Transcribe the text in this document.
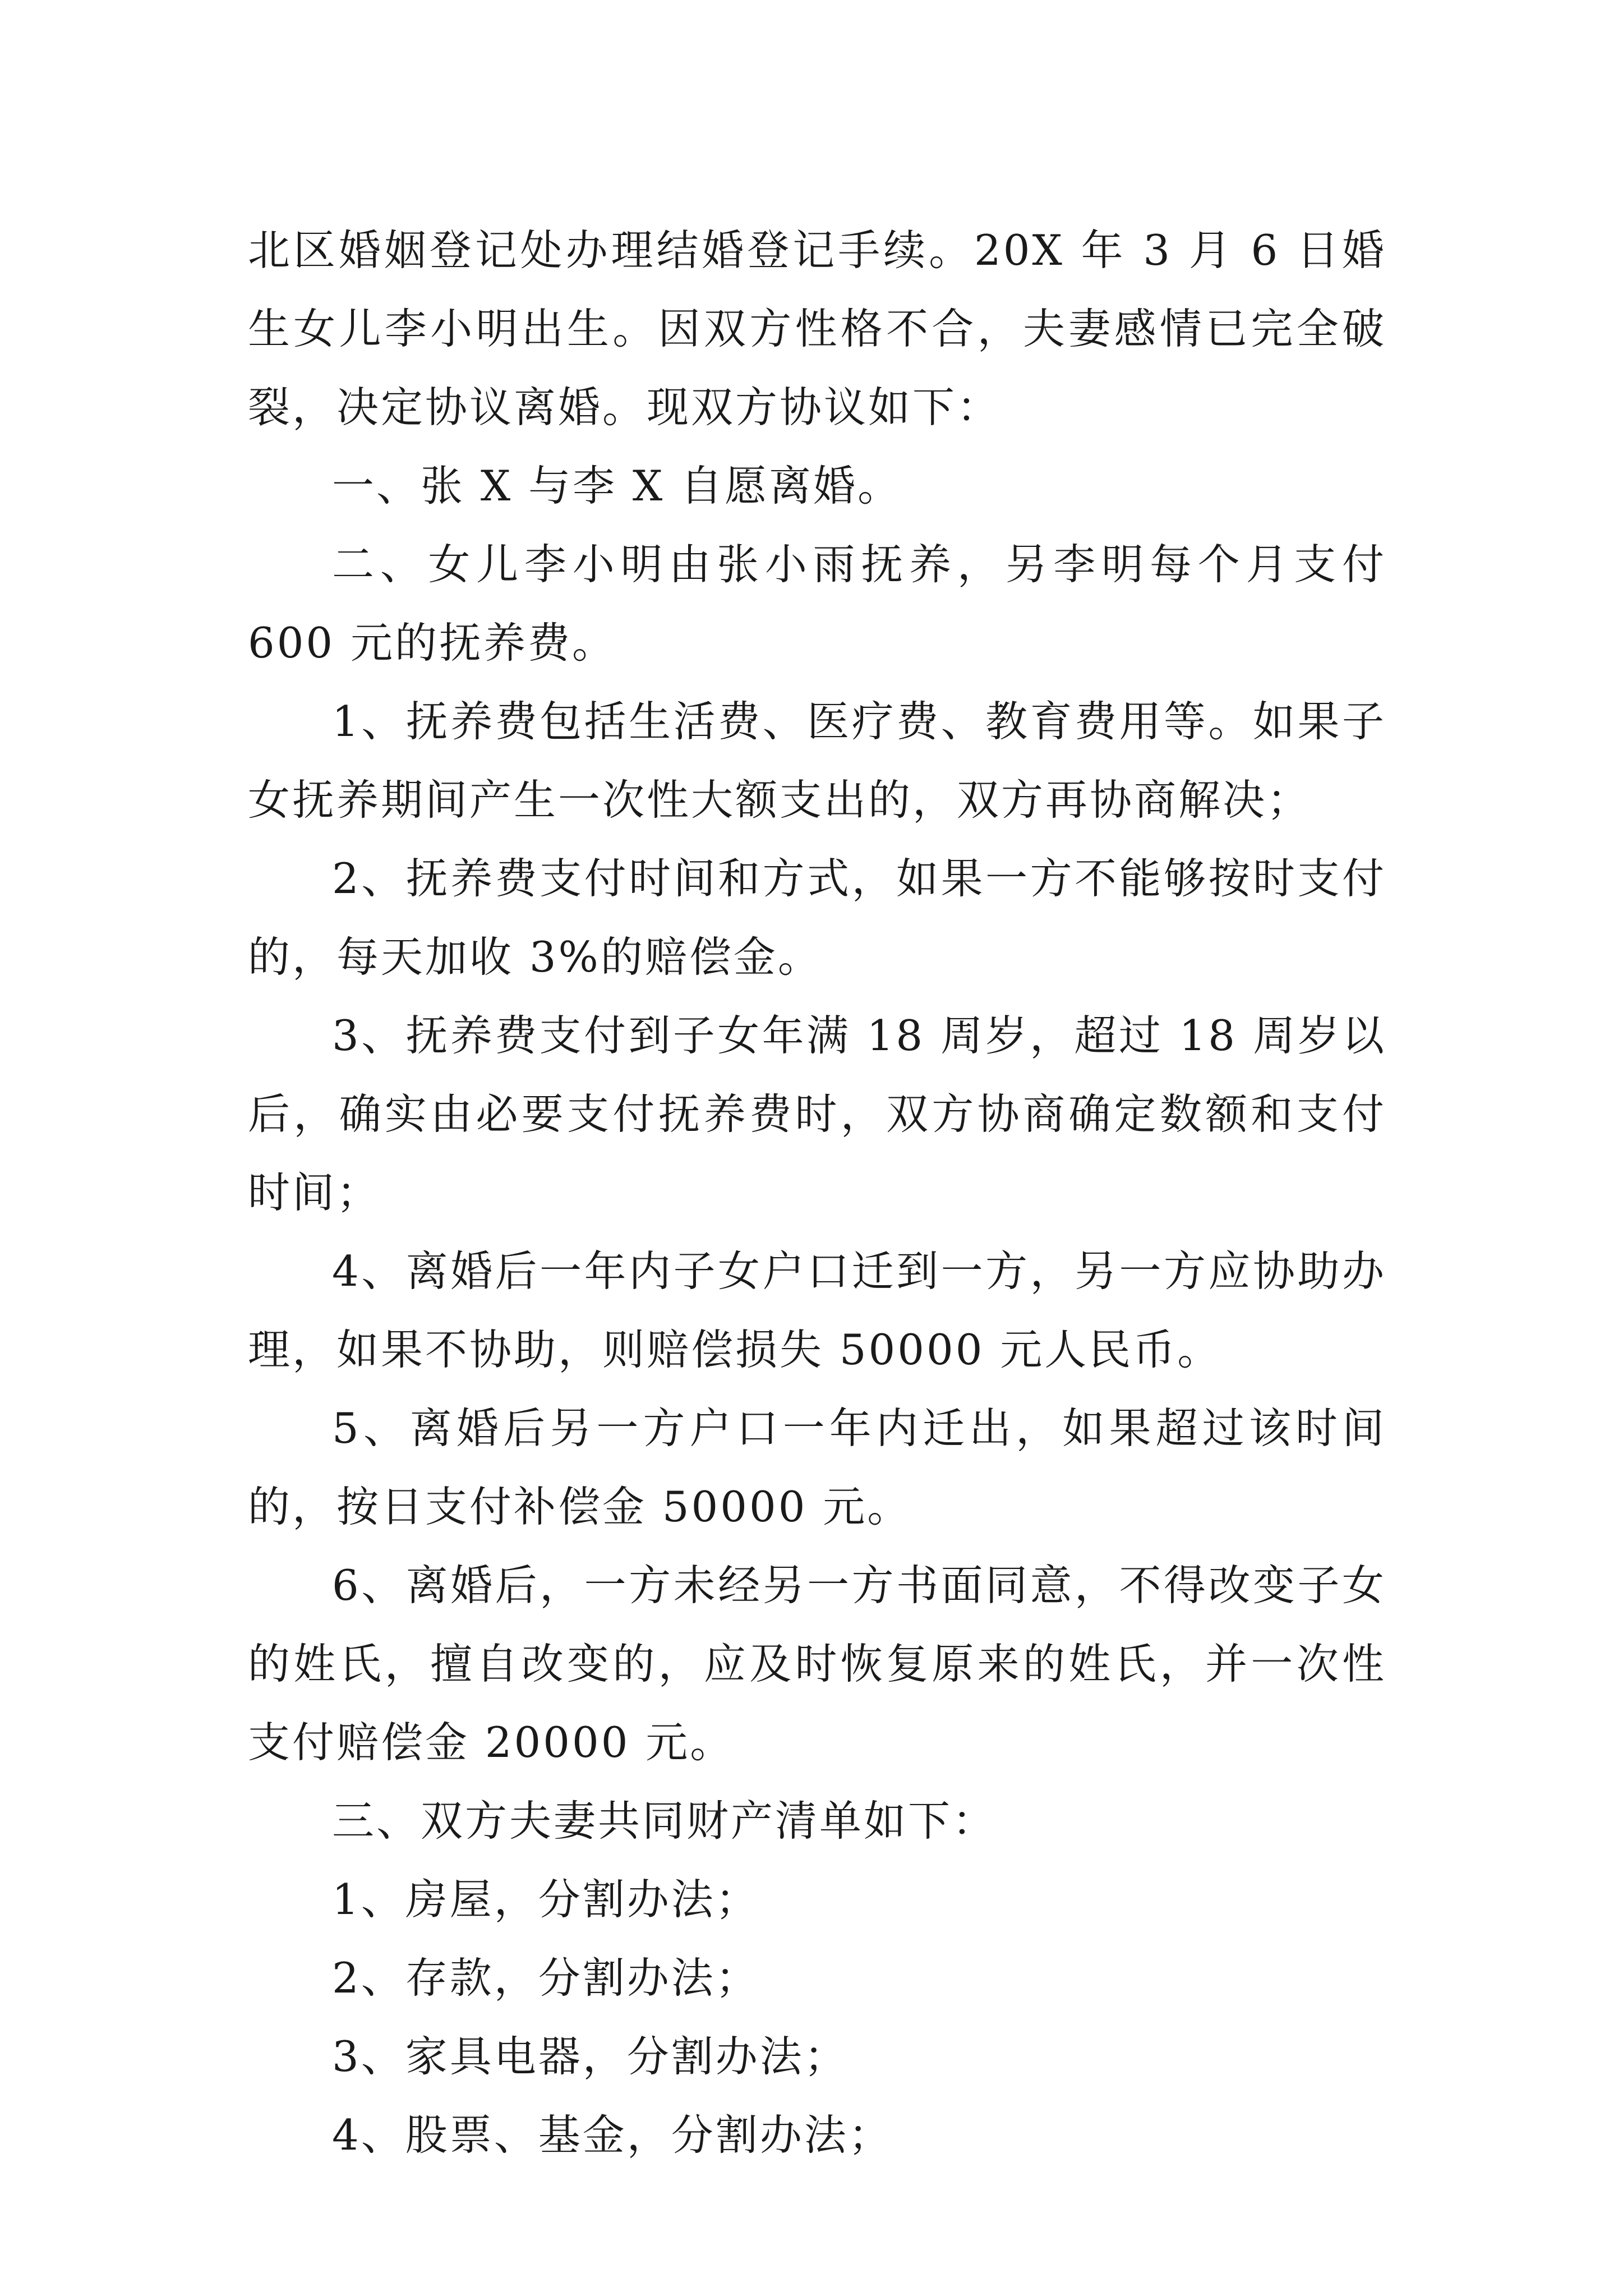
北区婚姻登记处办理结婚登记手续。20X 年 3 月 6 日婚生女儿李小明出生。因双方性格不合，夫妻感情已完全破裂，决定协议离婚。现双方协议如下：

一、张 X 与李 X 自愿离婚。

二、女儿李小明由张小雨抚养，另李明每个月支付 600 元的抚养费。

1、抚养费包括生活费、医疗费、教育费用等。如果子女抚养期间产生一次性大额支出的，双方再协商解决；

2、抚养费支付时间和方式，如果一方不能够按时支付的，每天加收 3%的赔偿金。

3、抚养费支付到子女年满 18 周岁，超过 18 周岁以后，确实由必要支付抚养费时，双方协商确定数额和支付时间；

4、离婚后一年内子女户口迁到一方，另一方应协助办理，如果不协助，则赔偿损失 50000 元人民币。

5、离婚后另一方户口一年内迁出，如果超过该时间的，按日支付补偿金 50000 元。

6、离婚后，一方未经另一方书面同意，不得改变子女的姓氏，擅自改变的，应及时恢复原来的姓氏，并一次性支付赔偿金 20000 元。

三、双方夫妻共同财产清单如下：

1、房屋，分割办法；

2、存款，分割办法；

3、家具电器，分割办法；

4、股票、基金，分割办法；
